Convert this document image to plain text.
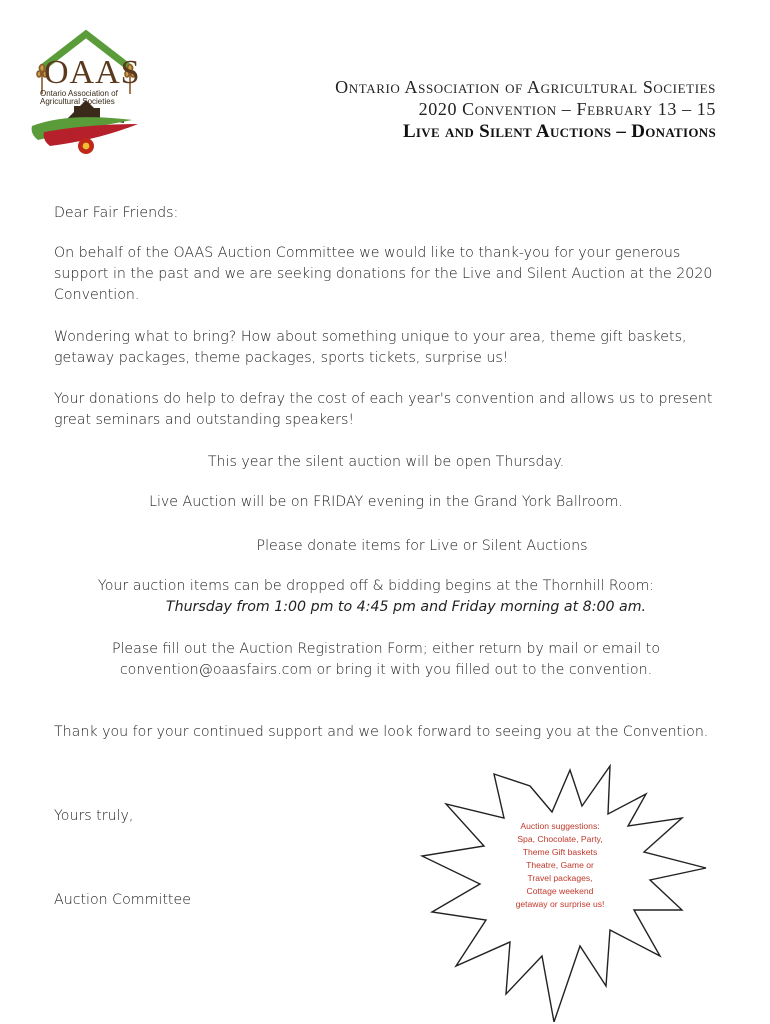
OAAS
Ontario Association of
Agricultural Societies
Ontario Association of Agricultural Societies
2020 Convention – February 13 – 15
Live and Silent Auctions – Donations
Dear Fair Friends:
On behalf of the OAAS Auction Committee we would like to thank-you for your generous support in the past and we are seeking donations for the Live and Silent Auction at the 2020 Convention.
Wondering what to bring? How about something unique to your area, theme gift baskets, getaway packages, theme packages, sports tickets, surprise us!
Your donations do help to defray the cost of each year's convention and allows us to present great seminars and outstanding speakers!
This year the silent auction will be open Thursday.
Live Auction will be on FRIDAY evening in the Grand York Ballroom.
Please donate items for Live or Silent Auctions
Your auction items can be dropped off & bidding begins at the Thornhill Room:
Thursday from 1:00 pm to 4:45 pm and Friday morning at 8:00 am.
Please fill out the Auction Registration Form; either return by mail or email to
convention@oaasfairs.com or bring it with you filled out to the convention.
Thank you for your continued support and we look forward to seeing you at the Convention.
Yours truly,
Auction Committee
Auction suggestions:
Spa, Chocolate, Party,
Theme Gift baskets
Theatre, Game or
Travel packages,
Cottage weekend
getaway or surprise us!
